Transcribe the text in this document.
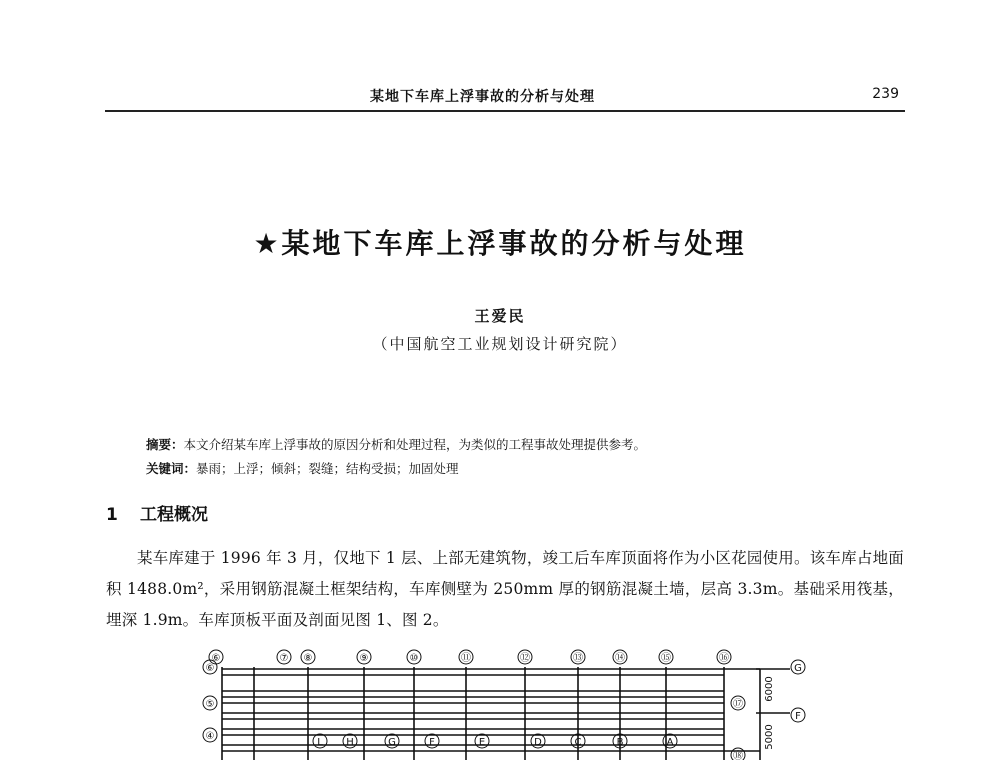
某地下车库上浮事故的分析与处理	239
★某地下车库上浮事故的分析与处理
王爱民
（中国航空工业规划设计研究院）
摘要：本文介绍某车库上浮事故的原因分析和处理过程，为类似的工程事故处理提供参考。
关键词：暴雨；上浮；倾斜；裂缝；结构受损；加固处理
1 工程概况
某车库建于 1996 年 3 月，仅地下 1 层、上部无建筑物，竣工后车库顶面将作为小区花园使用。该车库占地面积 1488.0m²，采用钢筋混凝土框架结构，车库侧壁为 250mm 厚的钢筋混凝土墙，层高 3.3m。基础采用筏基，埋深 1.9m。车库顶板平面及剖面见图 1、图 2。
⑥	⑦ ⑧	⑨	⑩	⑪	⑫	⑬	⑭	⑮	⑯
⑥
⑤
④
⑰
⑱
G
F
L H	G	F	E	D	C	B	A
6000
5000
